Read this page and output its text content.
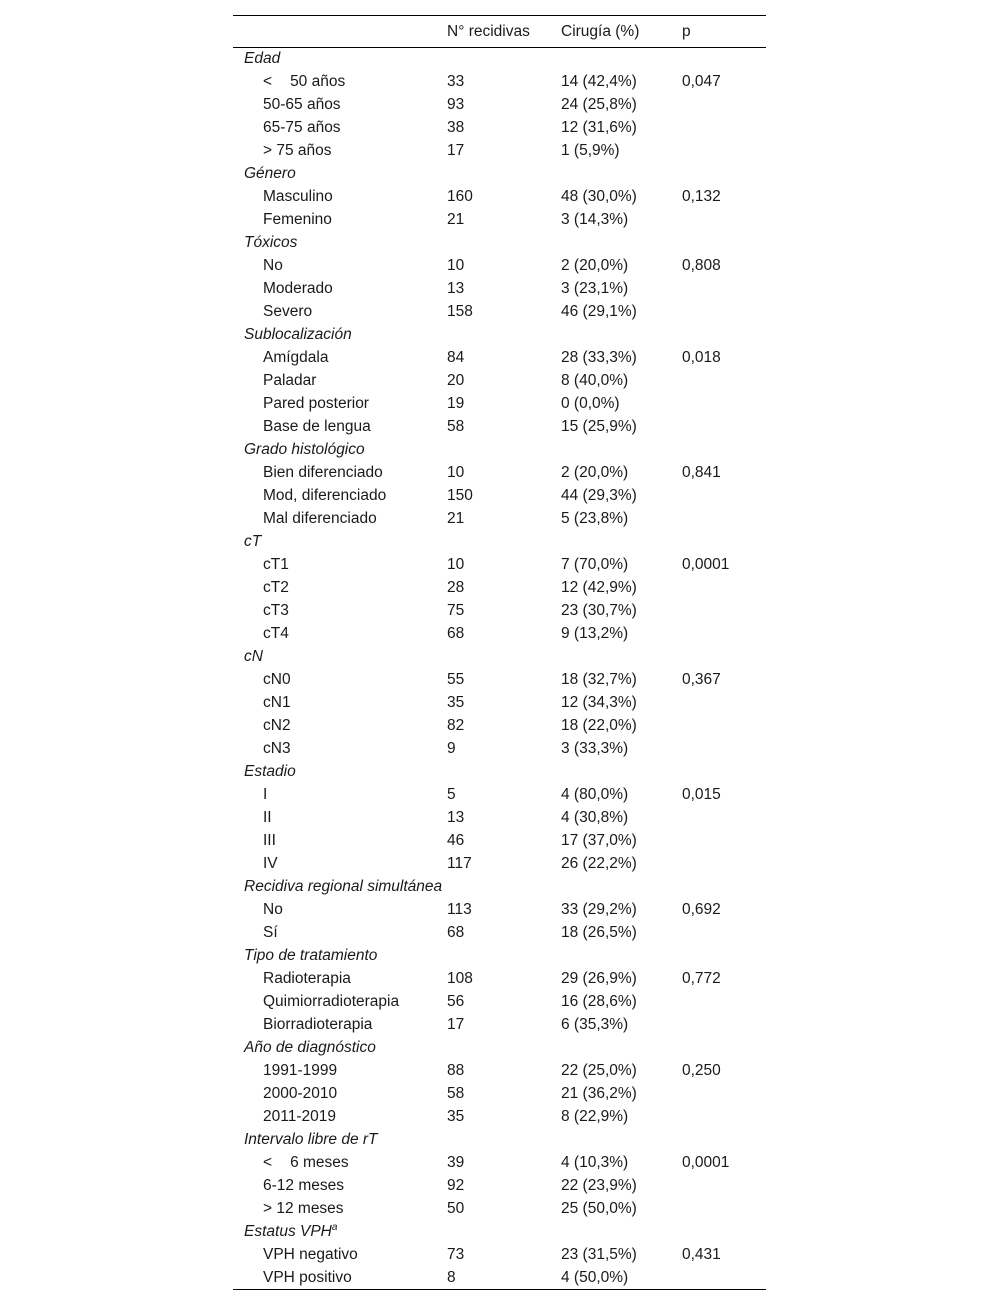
	N° recidivas	Cirugía (%)	p
Edad			
< 50 años	33	14 (42,4%)	0,047
50-65 años	93	24 (25,8%)	
65-75 años	38	12 (31,6%)	
> 75 años	17	1 (5,9%)	
Género			
Masculino	160	48 (30,0%)	0,132
Femenino	21	3 (14,3%)	
Tóxicos			
No	10	2 (20,0%)	0,808
Moderado	13	3 (23,1%)	
Severo	158	46 (29,1%)	
Sublocalización			
Amígdala	84	28 (33,3%)	0,018
Paladar	20	8 (40,0%)	
Pared posterior	19	0 (0,0%)	
Base de lengua	58	15 (25,9%)	
Grado histológico			
Bien diferenciado	10	2 (20,0%)	0,841
Mod, diferenciado	150	44 (29,3%)	
Mal diferenciado	21	5 (23,8%)	
cT			
cT1	10	7 (70,0%)	0,0001
cT2	28	12 (42,9%)	
cT3	75	23 (30,7%)	
cT4	68	9 (13,2%)	
cN			
cN0	55	18 (32,7%)	0,367
cN1	35	12 (34,3%)	
cN2	82	18 (22,0%)	
cN3	9	3 (33,3%)	
Estadio			
I	5	4 (80,0%)	0,015
II	13	4 (30,8%)	
III	46	17 (37,0%)	
IV	117	26 (22,2%)	
Recidiva regional simultánea			
No	113	33 (29,2%)	0,692
Sí	68	18 (26,5%)	
Tipo de tratamiento			
Radioterapia	108	29 (26,9%)	0,772
Quimiorradioterapia	56	16 (28,6%)	
Biorradioterapia	17	6 (35,3%)	
Año de diagnóstico			
1991-1999	88	22 (25,0%)	0,250
2000-2010	58	21 (36,2%)	
2011-2019	35	8 (22,9%)	
Intervalo libre de rT			
< 6 meses	39	4 (10,3%)	0,0001
6-12 meses	92	22 (23,9%)	
> 12 meses	50	25 (50,0%)	
Estatus VPH$^a$			
VPH negativo	73	23 (31,5%)	0,431
VPH positivo	8	4 (50,0%)	
